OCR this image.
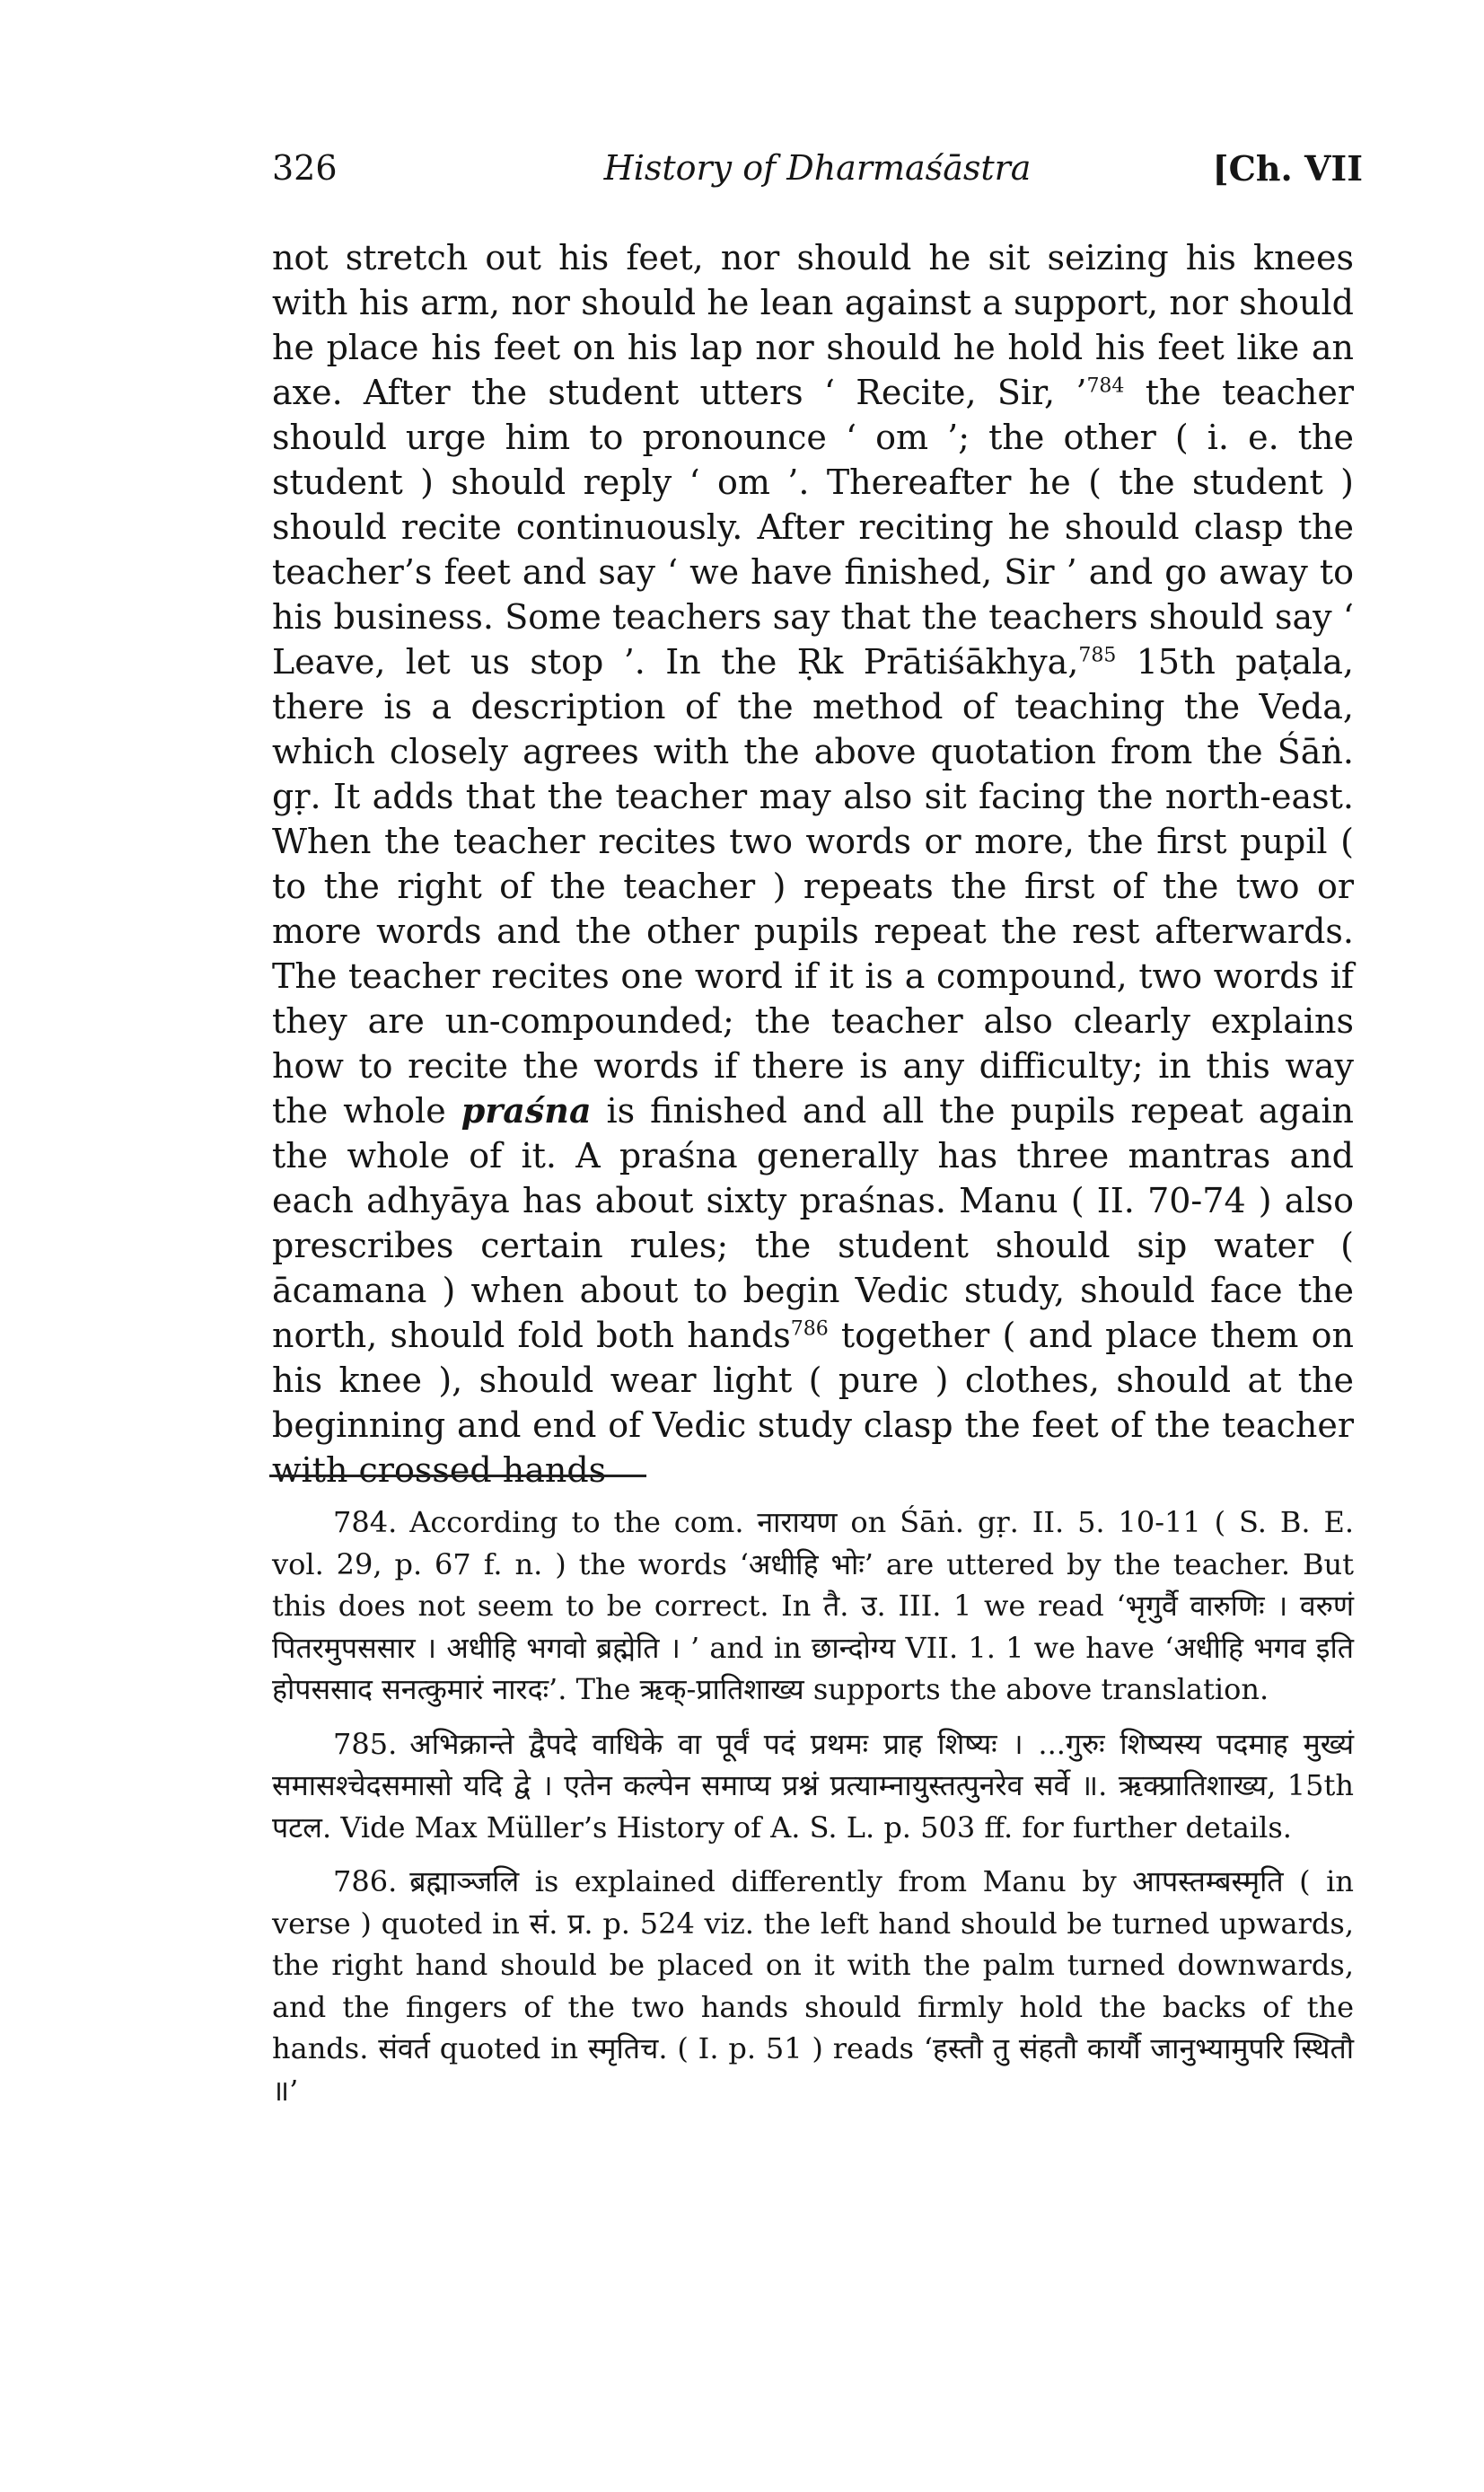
326	History of Dharmaśāstra	[Ch. VII

not stretch out his feet, nor should he sit seizing his knees with his arm, nor should he lean against a support, nor should he place his feet on his lap nor should he hold his feet like an axe. After the student utters ‘ Recite, Sir, ’$^{784}$ the teacher should urge him to pronounce ‘ om ’; the other ( i. e. the student ) should reply ‘ om ’. Thereafter he ( the student ) should recite continuously. After reciting he should clasp the teacher’s feet and say ‘ we have finished, Sir ’ and go away to his business. Some teachers say that the teachers should say ‘ Leave, let us stop ’. In the Ṛk Prātiśākhya,$^{785}$ 15th paṭala, there is a description of the method of teaching the Veda, which closely agrees with the above quotation from the Śāṅ. gṛ. It adds that the teacher may also sit facing the north-east. When the teacher recites two words or more, the first pupil ( to the right of the teacher ) repeats the first of the two or more words and the other pupils repeat the rest afterwards. The teacher recites one word if it is a compound, two words if they are un-compounded; the teacher also clearly explains how to recite the words if there is any difficulty; in this way the whole praśna is finished and all the pupils repeat again the whole of it. A praśna generally has three mantras and each adhyāya has about sixty praśnas. Manu ( II. 70-74 ) also prescribes certain rules; the student should sip water ( ācamana ) when about to begin Vedic study, should face the north, should fold both hands$^{786}$ together ( and place them on his knee ), should wear light ( pure ) clothes, should at the beginning and end of Vedic study clasp the feet of the teacher with crossed hands

784. According to the com. नारायण on Śāṅ. gṛ. II. 5. 10-11 ( S. B. E. vol. 29, p. 67 f. n. ) the words ‘अधीहि भोः’ are uttered by the teacher. But this does not seem to be correct. In तै. उ. III. 1 we read ‘भृगुर्वै वारुणिः । वरुणं पितरमुपससार । अधीहि भगवो ब्रह्मेति । ’ and in छान्दोग्य VII. 1. 1 we have ‘अधीहि भगव इति होपससाद सनत्कुमारं नारदः’. The ऋक्-प्रातिशाख्य supports the above translation.

785. अभिक्रान्ते द्वैपदे वाधिके वा पूर्वं पदं प्रथमः प्राह शिष्यः । ...गुरुः शिष्यस्य पदमाह मुख्यं समासश्चेदसमासो यदि द्वे । एतेन कल्पेन समाप्य प्रश्नं प्रत्याम्नायुस्तत्पुनरेव सर्वे ॥. ऋक्प्रातिशाख्य, 15th पटल. Vide Max Müller’s History of A. S. L. p. 503 ff. for further details.

786. ब्रह्माञ्जलि is explained differently from Manu by आपस्तम्बस्मृति ( in verse ) quoted in सं. प्र. p. 524 viz. the left hand should be turned upwards, the right hand should be placed on it with the palm turned downwards, and the fingers of the two hands should firmly hold the backs of the hands. संवर्त quoted in स्मृतिच. ( I. p. 51 ) reads ‘हस्तौ तु संहतौ कार्यौ जानुभ्यामुपरि स्थितौ ॥’
